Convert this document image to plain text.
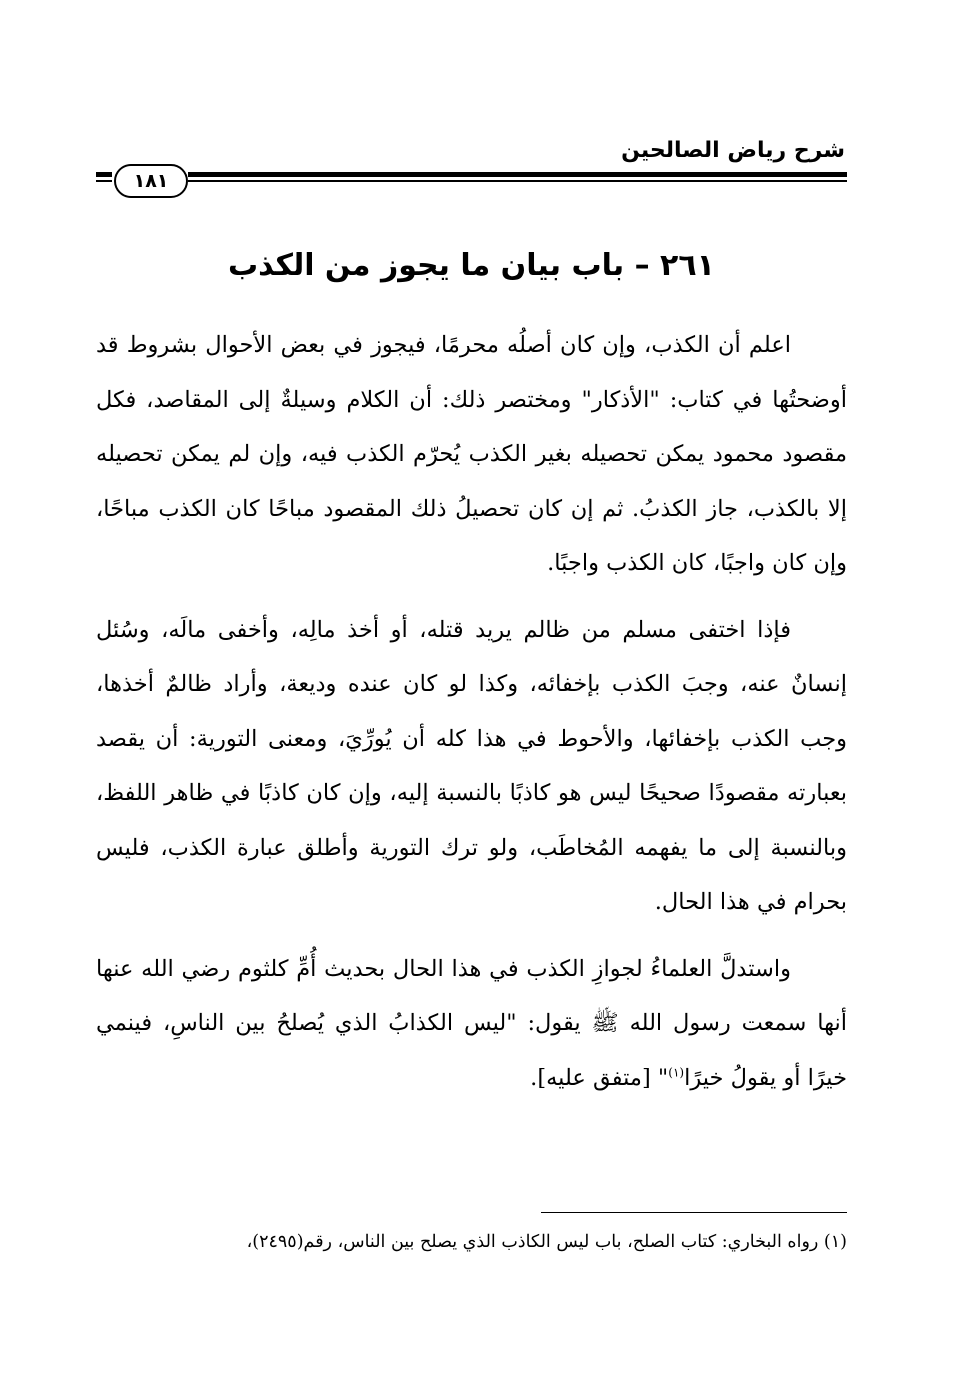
شرح رياض الصالحين
١٨١
٢٦١ – باب بيان ما يجوز من الكذب

اعلم أن الكذب، وإن كان أصلُه محرمًا، فيجوز في بعض الأحوال بشروط قد أوضحتُها في كتاب: "الأذكار" ومختصر ذلك: أن الكلام وسيلةٌ إلى المقاصد، فكل مقصود محمود يمكن تحصيله بغير الكذب يُحرّم الكذب فيه، وإن لم يمكن تحصيله إلا بالكذب، جاز الكذبُ. ثم إن كان تحصيلُ ذلك المقصود مباحًا كان الكذب مباحًا، وإن كان واجبًا، كان الكذب واجبًا.

فإذا اختفى مسلم من ظالم يريد قتله، أو أخذ مالِه، وأخفى مالَه، وسُئل إنسانٌ عنه، وجبَ الكذب بإخفائه، وكذا لو كان عنده وديعة، وأراد ظالمٌ أخذها، وجب الكذب بإخفائها، والأحوط في هذا كله أن يُورِّيَ، ومعنى التورية: أن يقصد بعبارته مقصودًا صحيحًا ليس هو كاذبًا بالنسبة إليه، وإن كان كاذبًا في ظاهر اللفظ، وبالنسبة إلى ما يفهمه المُخاطَب، ولو ترك التورية وأطلق عبارة الكذب، فليس بحرام في هذا الحال.

واستدلَّ العلماءُ لجوازِ الكذب في هذا الحال بحديث أُمِّ كلثوم رضي الله عنها أنها سمعت رسول الله ﷺ يقول: "ليس الكذابُ الذي يُصلحُ بين الناسِ، فينمي خيرًا أو يقولُ خيرًا$^{(١)}$" [متفق عليه].

(١) رواه البخاري: كتاب الصلح، باب ليس الكاذب الذي يصلح بين الناس، رقم(٢٤٩٥)،
